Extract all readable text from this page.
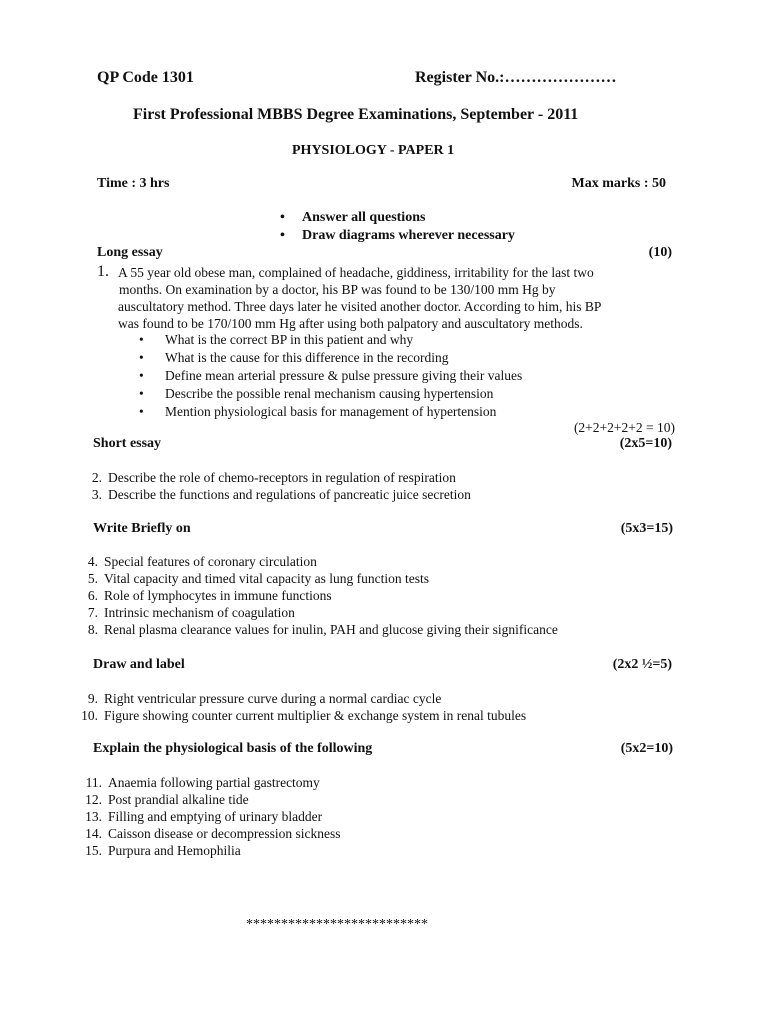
QP Code 1301	Register No.:…………………
First Professional MBBS Degree Examinations, September - 2011
PHYSIOLOGY - PAPER 1
Time : 3 hrs	Max marks : 50
•	Answer all questions
•	Draw diagrams wherever necessary
Long essay	(10)
1. A 55 year old obese man, complained of headache, giddiness, irritability for the last two
months. On examination by a doctor, his BP was found to be 130/100 mm Hg by
auscultatory method. Three days later he visited another doctor. According to him, his BP
was found to be 170/100 mm Hg after using both palpatory and auscultatory methods.
•	What is the correct BP in this patient and why
•	What is the cause for this difference in the recording
•	Define mean arterial pressure & pulse pressure giving their values
•	Describe the possible renal mechanism causing hypertension
•	Mention physiological basis for management of hypertension
(2+2+2+2+2 = 10)
Short essay	(2x5=10)
2. Describe the role of chemo-receptors in regulation of respiration
3. Describe the functions and regulations of pancreatic juice secretion
Write Briefly on	(5x3=15)
4. Special features of coronary circulation
5. Vital capacity and timed vital capacity as lung function tests
6. Role of lymphocytes in immune functions
7. Intrinsic mechanism of coagulation
8. Renal plasma clearance values for inulin, PAH and glucose giving their significance
Draw and label	(2x2 ½=5)
9. Right ventricular pressure curve during a normal cardiac cycle
10. Figure showing counter current multiplier & exchange system in renal tubules
Explain the physiological basis of the following	(5x2=10)
11. Anaemia following partial gastrectomy
12. Post prandial alkaline tide
13. Filling and emptying of urinary bladder
14. Caisson disease or decompression sickness
15. Purpura and Hemophilia
**************************
